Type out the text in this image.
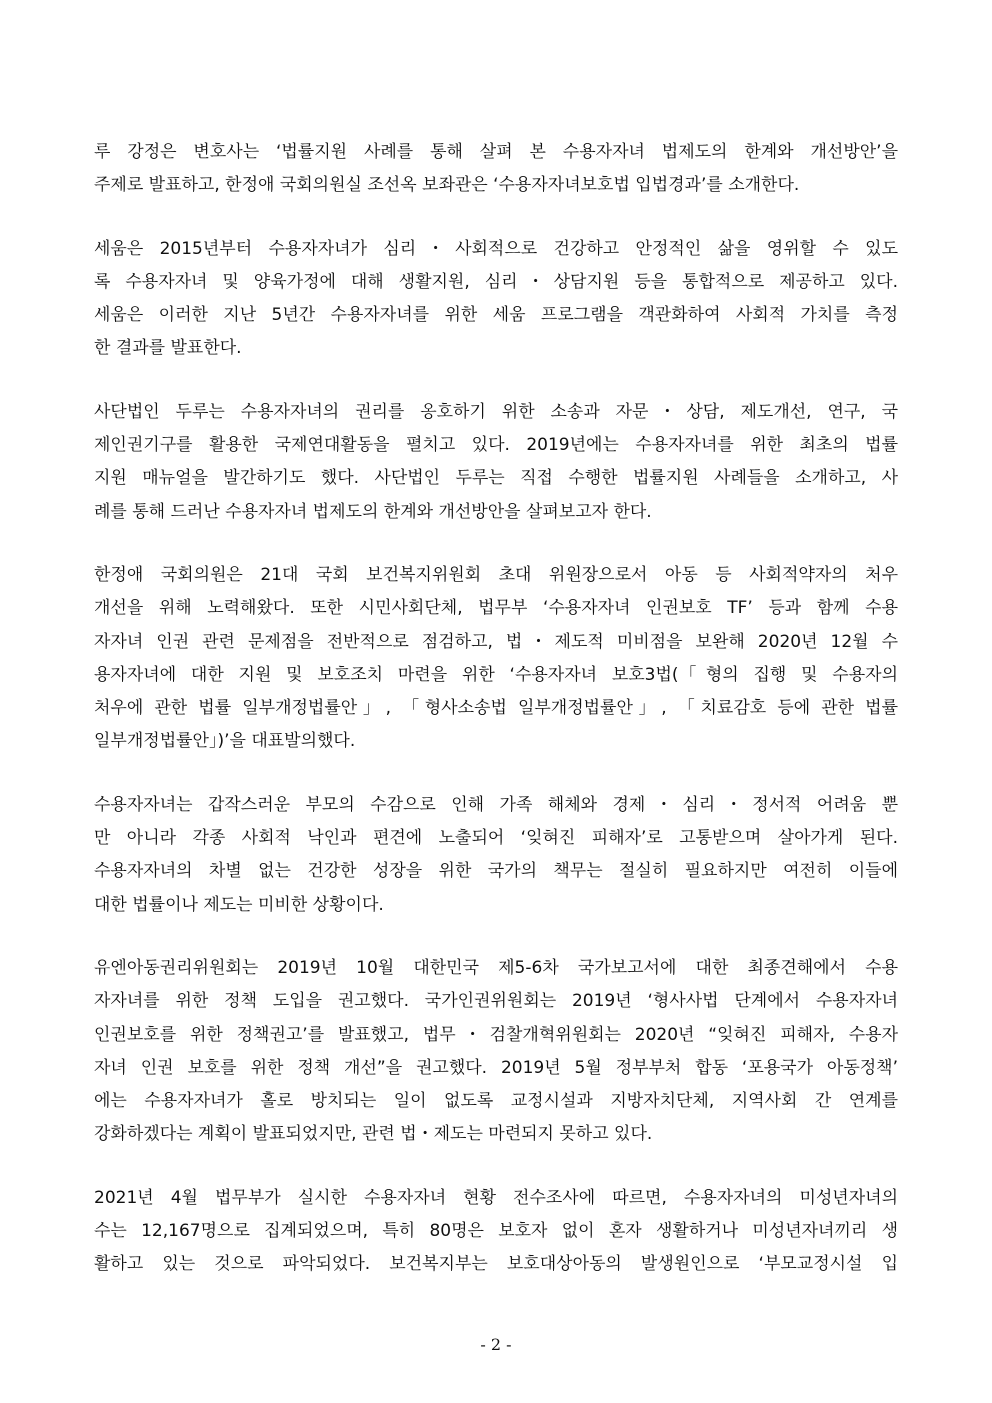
루 강정은 변호사는 ‘법률지원 사례를 통해 살펴 본 수용자자녀 법제도의 한계와 개선방안’을
주제로 발표하고, 한정애 국회의원실 조선옥 보좌관은 ‘수용자자녀보호법 입법경과’를 소개한다.
세움은 2015년부터 수용자자녀가 심리・사회적으로 건강하고 안정적인 삶을 영위할 수 있도
록 수용자자녀 및 양육가정에 대해 생활지원, 심리・상담지원 등을 통합적으로 제공하고 있다.
세움은 이러한 지난 5년간 수용자자녀를 위한 세움 프로그램을 객관화하여 사회적 가치를 측정
한 결과를 발표한다.
사단법인 두루는 수용자자녀의 권리를 옹호하기 위한 소송과 자문・상담, 제도개선, 연구, 국
제인권기구를 활용한 국제연대활동을 펼치고 있다. 2019년에는 수용자자녀를 위한 최초의 법률
지원 매뉴얼을 발간하기도 했다. 사단법인 두루는 직접 수행한 법률지원 사례들을 소개하고, 사
례를 통해 드러난 수용자자녀 법제도의 한계와 개선방안을 살펴보고자 한다.
한정애 국회의원은 21대 국회 보건복지위원회 초대 위원장으로서 아동 등 사회적약자의 처우
개선을 위해 노력해왔다. 또한 시민사회단체, 법무부 ‘수용자자녀 인권보호 TF’ 등과 함께 수용
자자녀 인권 관련 문제점을 전반적으로 점검하고, 법・제도적 미비점을 보완해 2020년 12월 수
용자자녀에 대한 지원 및 보호조치 마련을 위한 ‘수용자자녀 보호3법(「형의 집행 및 수용자의
처우에 관한 법률 일부개정법률안」, 「형사소송법 일부개정법률안」, 「치료감호 등에 관한 법률
일부개정법률안」)’을 대표발의했다.
수용자자녀는 갑작스러운 부모의 수감으로 인해 가족 해체와 경제・심리・정서적 어려움 뿐
만 아니라 각종 사회적 낙인과 편견에 노출되어 ‘잊혀진 피해자’로 고통받으며 살아가게 된다.
수용자자녀의 차별 없는 건강한 성장을 위한 국가의 책무는 절실히 필요하지만 여전히 이들에
대한 법률이나 제도는 미비한 상황이다.
유엔아동권리위원회는 2019년 10월 대한민국 제5-6차 국가보고서에 대한 최종견해에서 수용
자자녀를 위한 정책 도입을 권고했다. 국가인권위원회는 2019년 ‘형사사법 단계에서 수용자자녀
인권보호를 위한 정책권고’를 발표했고, 법무・검찰개혁위원회는 2020년 “잊혀진 피해자, 수용자
자녀 인권 보호를 위한 정책 개선”을 권고했다. 2019년 5월 정부부처 합동 ‘포용국가 아동정책’
에는 수용자자녀가 홀로 방치되는 일이 없도록 교정시설과 지방자치단체, 지역사회 간 연계를
강화하겠다는 계획이 발표되었지만, 관련 법・제도는 마련되지 못하고 있다.
2021년 4월 법무부가 실시한 수용자자녀 현황 전수조사에 따르면, 수용자자녀의 미성년자녀의
수는 12,167명으로 집계되었으며, 특히 80명은 보호자 없이 혼자 생활하거나 미성년자녀끼리 생
활하고 있는 것으로 파악되었다. 보건복지부는 보호대상아동의 발생원인으로 ‘부모교정시설 입
- 2 -
